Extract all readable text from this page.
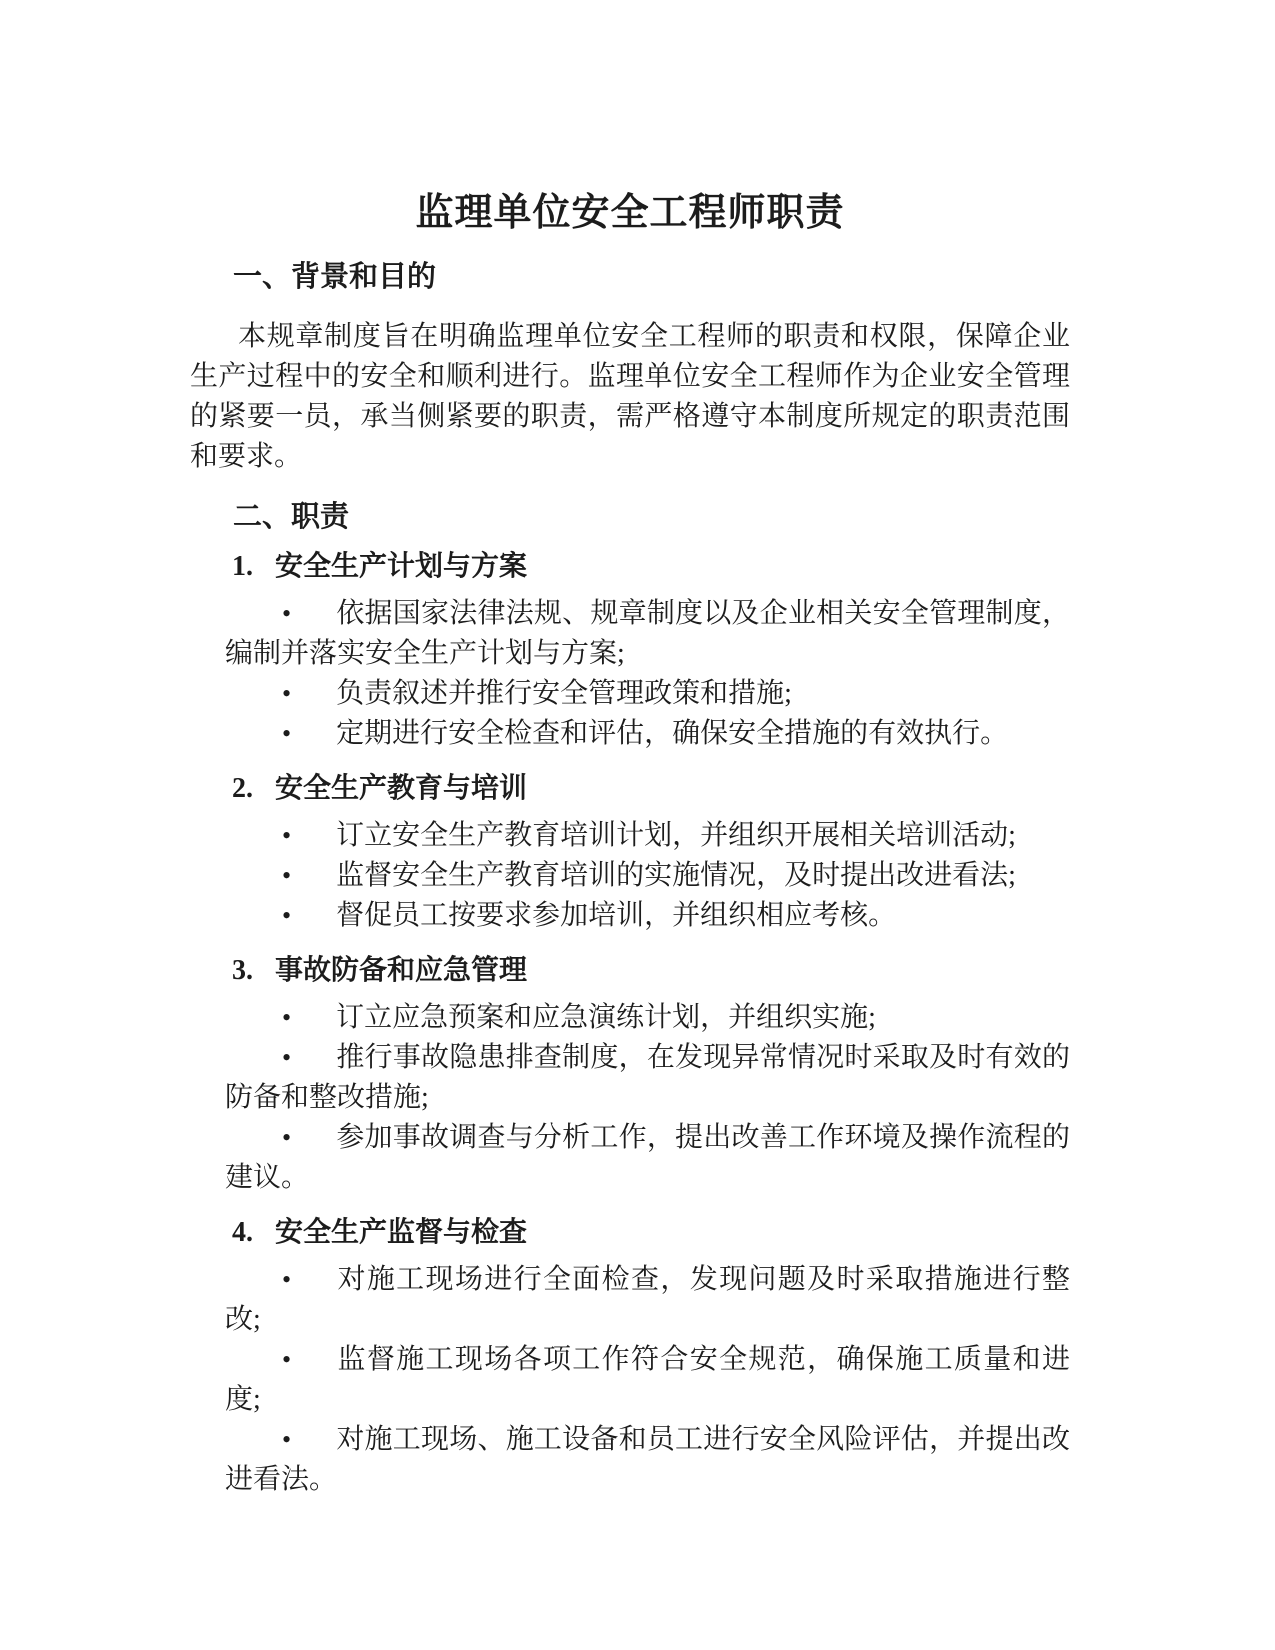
监理单位安全工程师职责
一、背景和目的

本规章制度旨在明确监理单位安全工程师的职责和权限，保障企业生产过程中的安全和顺利进行。监理单位安全工程师作为企业安全管理的紧要一员，承当侧紧要的职责，需严格遵守本制度所规定的职责范围和要求。

二、职责
1. 安全生产计划与方案
• 依据国家法律法规、规章制度以及企业相关安全管理制度，编制并落实安全生产计划与方案;
• 负责叙述并推行安全管理政策和措施;
• 定期进行安全检查和评估，确保安全措施的有效执行。
2. 安全生产教育与培训
• 订立安全生产教育培训计划，并组织开展相关培训活动;
• 监督安全生产教育培训的实施情况，及时提出改进看法;
• 督促员工按要求参加培训，并组织相应考核。
3. 事故防备和应急管理
• 订立应急预案和应急演练计划，并组织实施;
• 推行事故隐患排查制度，在发现异常情况时采取及时有效的防备和整改措施;
• 参加事故调查与分析工作，提出改善工作环境及操作流程的建议。
4. 安全生产监督与检查
• 对施工现场进行全面检查，发现问题及时采取措施进行整改;
• 监督施工现场各项工作符合安全规范，确保施工质量和进度;
• 对施工现场、施工设备和员工进行安全风险评估，并提出改进看法。
